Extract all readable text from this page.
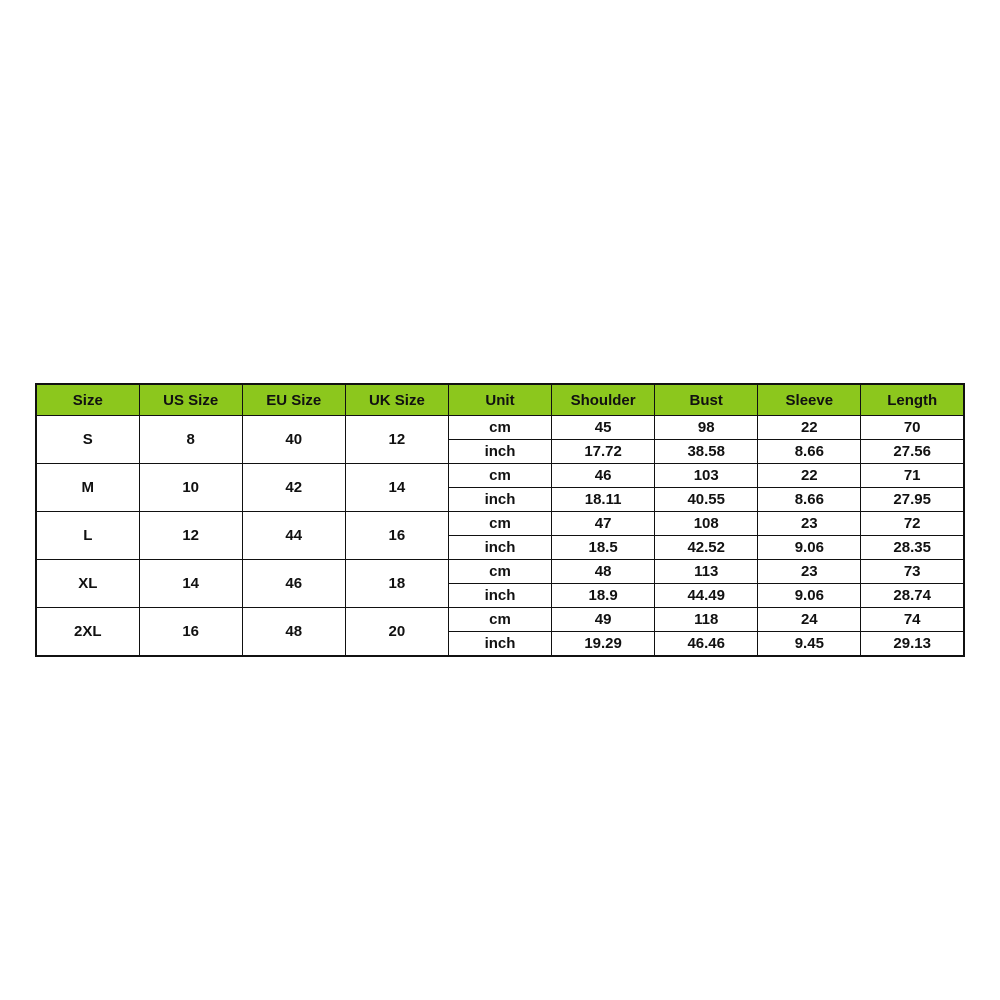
Size	US Size	EU Size	UK Size	Unit	Shoulder	Bust	Sleeve	Length
S	8	40	12	cm	45	98	22	70
				inch	17.72	38.58	8.66	27.56
M	10	42	14	cm	46	103	22	71
				inch	18.11	40.55	8.66	27.95
L	12	44	16	cm	47	108	23	72
				inch	18.5	42.52	9.06	28.35
XL	14	46	18	cm	48	113	23	73
				inch	18.9	44.49	9.06	28.74
2XL	16	48	20	cm	49	118	24	74
				inch	19.29	46.46	9.45	29.13
